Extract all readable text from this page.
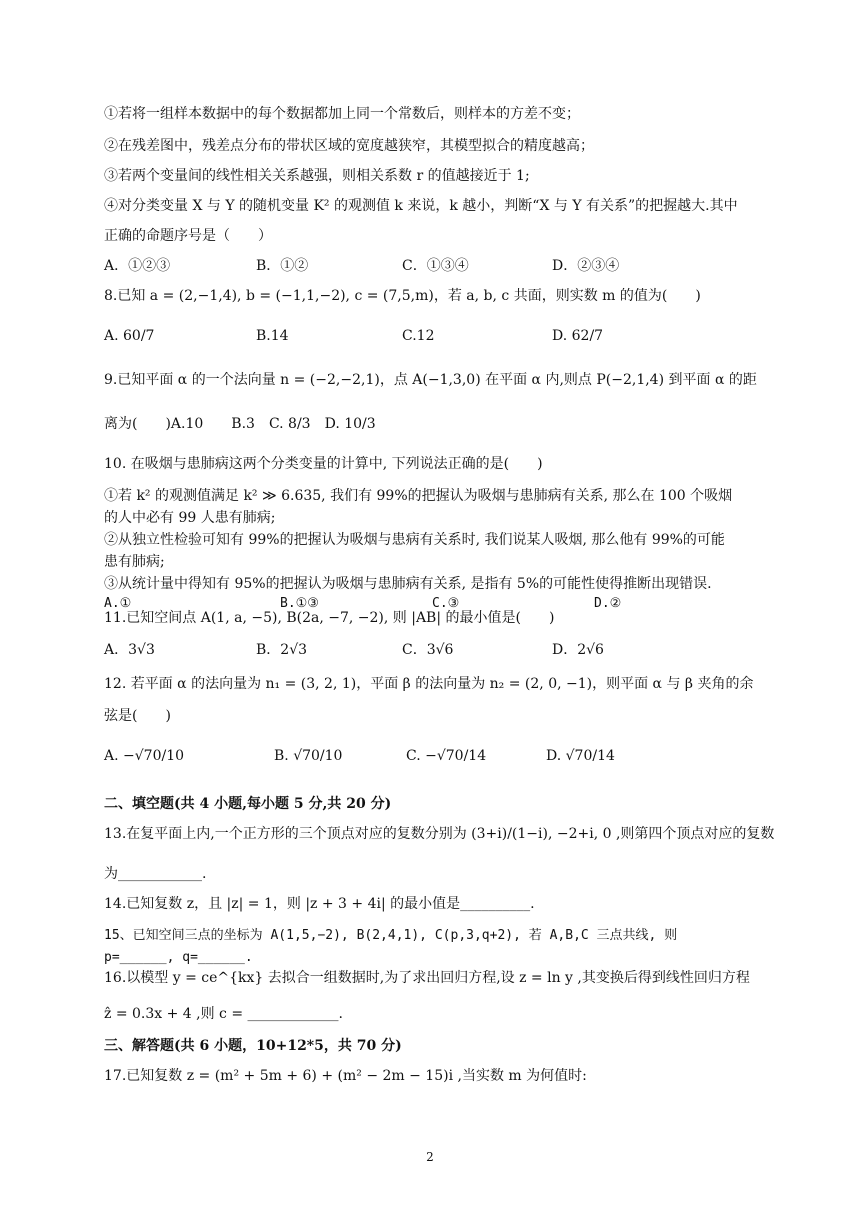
①若将一组样本数据中的每个数据都加上同一个常数后，则样本的方差不变；
②在残差图中，残差点分布的带状区域的宽度越狭窄，其模型拟合的精度越高；
③若两个变量间的线性相关关系越强，则相关系数 r 的值越接近于 1;
④对分类变量 X 与 Y 的随机变量 K² 的观测值 k 来说，k 越小，判断“X 与 Y 有关系”的把握越大.其中
正确的命题序号是（　　）
A．①②③	B．①②	C．①③④	D．②③④
8.已知 a = (2,−1,4), b = (−1,1,−2), c = (7,5,m)，若 a, b, c 共面，则实数 m 的值为(　　)
A. 60/7	B.14	C.12	D. 62/7
9.已知平面 α 的一个法向量 n = (−2,−2,1)，点 A(−1,3,0) 在平面 α 内,则点 P(−2,1,4) 到平面 α 的距
离为(　　)A.10　　B.3　C. 8/3　D. 10/3
10. 在吸烟与患肺病这两个分类变量的计算中, 下列说法正确的是(　　)
①若 k² 的观测值满足 k² ≫ 6.635, 我们有 99%的把握认为吸烟与患肺病有关系, 那么在 100 个吸烟
的人中必有 99 人患有肺病;
②从独立性检验可知有 99%的把握认为吸烟与患病有关系时, 我们说某人吸烟, 那么他有 99%的可能
患有肺病;
③从统计量中得知有 95%的把握认为吸烟与患肺病有关系, 是指有 5%的可能性使得推断出现错误.
A.①	B.①③	C.③	D.②
11.已知空间点 A(1, a, −5), B(2a, −7, −2), 则 |AB| 的最小值是(　　)
A．3√3	B．2√3	C．3√6	D．2√6
12. 若平面 α 的法向量为 n₁ = (3, 2, 1)，平面 β 的法向量为 n₂ = (2, 0, −1)，则平面 α 与 β 夹角的余
弦是(　　)
A. −√70/10	B. √70/10	C. −√70/14	D. √70/14
二、填空题(共 4 小题,每小题 5 分,共 20 分)
13.在复平面上内,一个正方形的三个顶点对应的复数分别为 (3+i)/(1−i), −2+i, 0 ,则第四个顶点对应的复数
为____________.
14.已知复数 z，且 |z| = 1，则 |z + 3 + 4i| 的最小值是__________.
15、已知空间三点的坐标为 A(1,5,−2), B(2,4,1), C(p,3,q+2), 若 A,B,C 三点共线, 则
p=______, q=______.
16.以模型 y = ce^{kx} 去拟合一组数据时,为了求出回归方程,设 z = ln y ,其变换后得到线性回归方程
ẑ = 0.3x + 4 ,则 c = _____________.
三、解答题(共 6 小题，10+12*5，共 70 分)
17.已知复数 z = (m² + 5m + 6) + (m² − 2m − 15)i ,当实数 m 为何值时:
2
